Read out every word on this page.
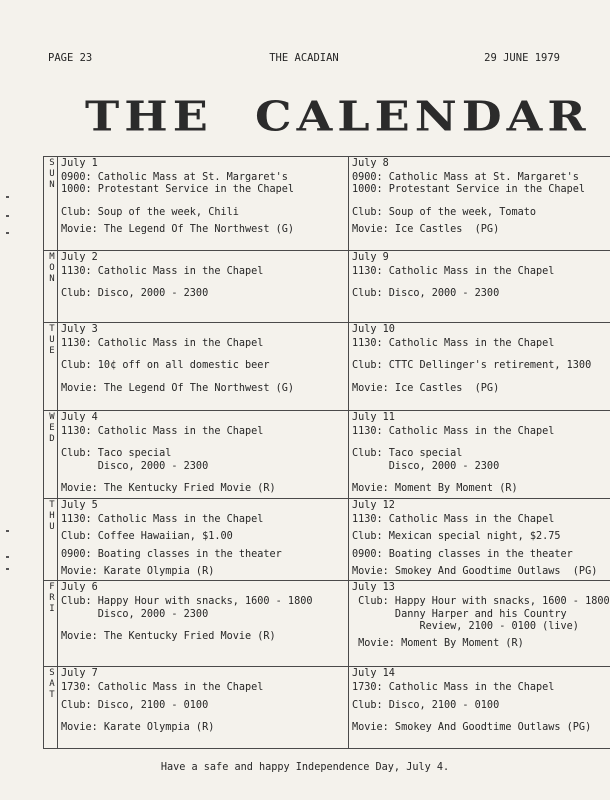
PAGE 23	THE ACADIAN	29 JUNE 1979
THE CALENDAR
SUN	July 1
0900: Catholic Mass at St. Margaret's
1000: Protestant Service in the Chapel
Club: Soup of the week, Chili
Movie: The Legend Of The Northwest (G)	July 8
0900: Catholic Mass at St. Margaret's
1000: Protestant Service in the Chapel
Club: Soup of the week, Tomato
Movie: Ice Castles  (PG)

MON	July 2
1130: Catholic Mass in the Chapel
Club: Disco, 2000 - 2300	July 9
1130: Catholic Mass in the Chapel
Club: Disco, 2000 - 2300

TUE	July 3
1130: Catholic Mass in the Chapel
Club: 10¢ off on all domestic beer
Movie: The Legend Of The Northwest (G)	July 10
1130: Catholic Mass in the Chapel
Club: CTTC Dellinger's retirement, 1300
Movie: Ice Castles  (PG)

WED	July 4
1130: Catholic Mass in the Chapel
Club: Taco special
Disco, 2000 - 2300
Movie: The Kentucky Fried Movie (R)	July 11
1130: Catholic Mass in the Chapel
Club: Taco special
Disco, 2000 - 2300
Movie: Moment By Moment (R)

THU	July 5
1130: Catholic Mass in the Chapel
Club: Coffee Hawaiian, $1.00
0900: Boating classes in the theater
Movie: Karate Olympia (R)	July 12
1130: Catholic Mass in the Chapel
Club: Mexican special night, $2.75
0900: Boating classes in the theater
Movie: Smokey And Goodtime Outlaws  (PG)

FRI	July 6
Club: Happy Hour with snacks, 1600 - 1800
Disco, 2000 - 2300
Movie: The Kentucky Fried Movie (R)	July 13
Club: Happy Hour with snacks, 1600 - 1800
Danny Harper and his Country
Review, 2100 - 0100 (live)
Movie: Moment By Moment (R)

SAT	July 7
1730: Catholic Mass in the Chapel
Club: Disco, 2100 - 0100
Movie: Karate Olympia (R)	July 14
1730: Catholic Mass in the Chapel
Club: Disco, 2100 - 0100
Movie: Smokey And Goodtime Outlaws (PG)
Have a safe and happy Independence Day, July 4.
